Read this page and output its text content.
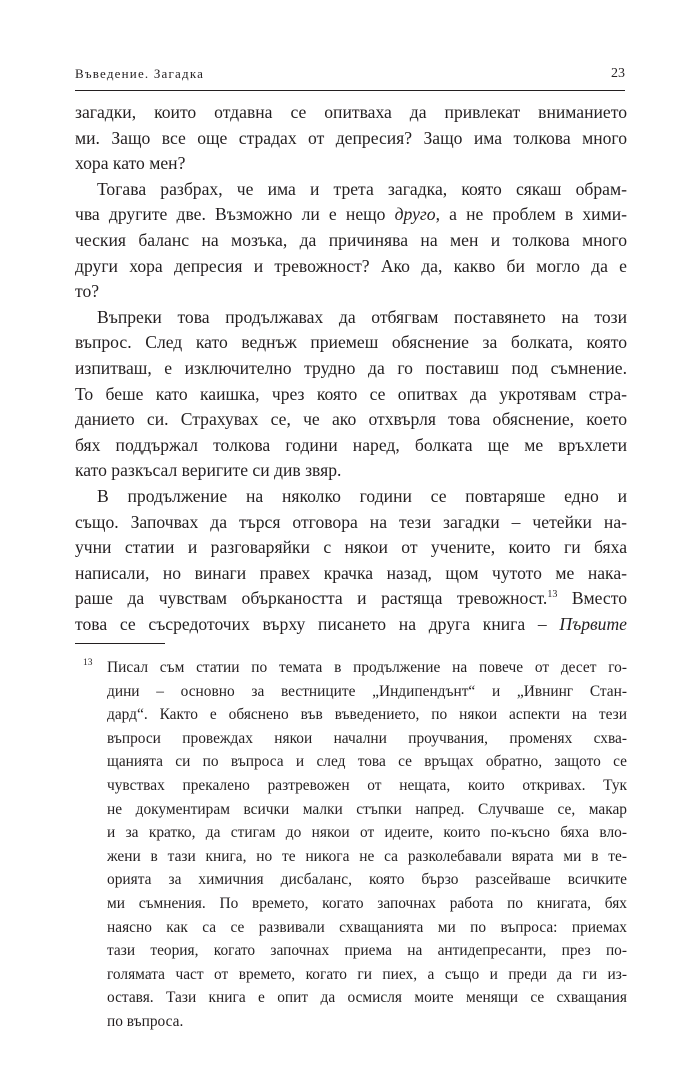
Въведение. Загадка	23

загадки, които отдавна се опитваха да привлекат вниманието
ми. Защо все още страдах от депресия? Защо има толкова много
хора като мен?

Тогава разбрах, че има и трета загадка, която сякаш обрам-
чва другите две. Възможно ли е нещо друго, а не проблем в хими-
ческия баланс на мозъка, да причинява на мен и толкова много
други хора депресия и тревожност? Ако да, какво би могло да е
то?

Въпреки това продължавах да отбягвам поставянето на този
въпрос. След като веднъж приемеш обяснение за болката, която
изпитваш, е изключително трудно да го поставиш под съмнение.
То беше като каишка, чрез която се опитвах да укротявам стра-
данието си. Страхувах се, че ако отхвърля това обяснение, което
бях поддържал толкова години наред, болката ще ме връхлети
като разкъсал веригите си див звяр.

В продължение на няколко години се повтаряше едно и
също. Започвах да търся отговора на тези загадки – четейки на-
учни статии и разговаряйки с някои от учените, които ги бяха
написали, но винаги правех крачка назад, щом чутото ме нака-
раше да чувствам объркаността и растяща тревожност.$^{13}$ Вместо
това се съсредоточих върху писането на друга книга – Първите

13 Писал съм статии по темата в продължение на повече от десет го-
дини – основно за вестниците „Индипендънт“ и „Ивнинг Стан-
дард“. Както е обяснено във въведението, по някои аспекти на тези
въпроси провеждах някои начални проучвания, променях схва-
щанията си по въпроса и след това се връщах обратно, защото се
чувствах прекалено разтревожен от нещата, които откривах. Тук
не документирам всички малки стъпки напред. Случваше се, макар
и за кратко, да стигам до някои от идеите, които по-късно бяха вло-
жени в тази книга, но те никога не са разколебавали вярата ми в те-
орията за химичния дисбаланс, която бързо разсейваше всичките
ми съмнения. По времето, когато започнах работа по книгата, бях
наясно как са се развивали схващанията ми по въпроса: приемах
тази теория, когато започнах приема на антидепресанти, през по-
голямата част от времето, когато ги пиех, а също и преди да ги из-
оставя. Тази книга е опит да осмисля моите менящи се схващания
по въпроса.
